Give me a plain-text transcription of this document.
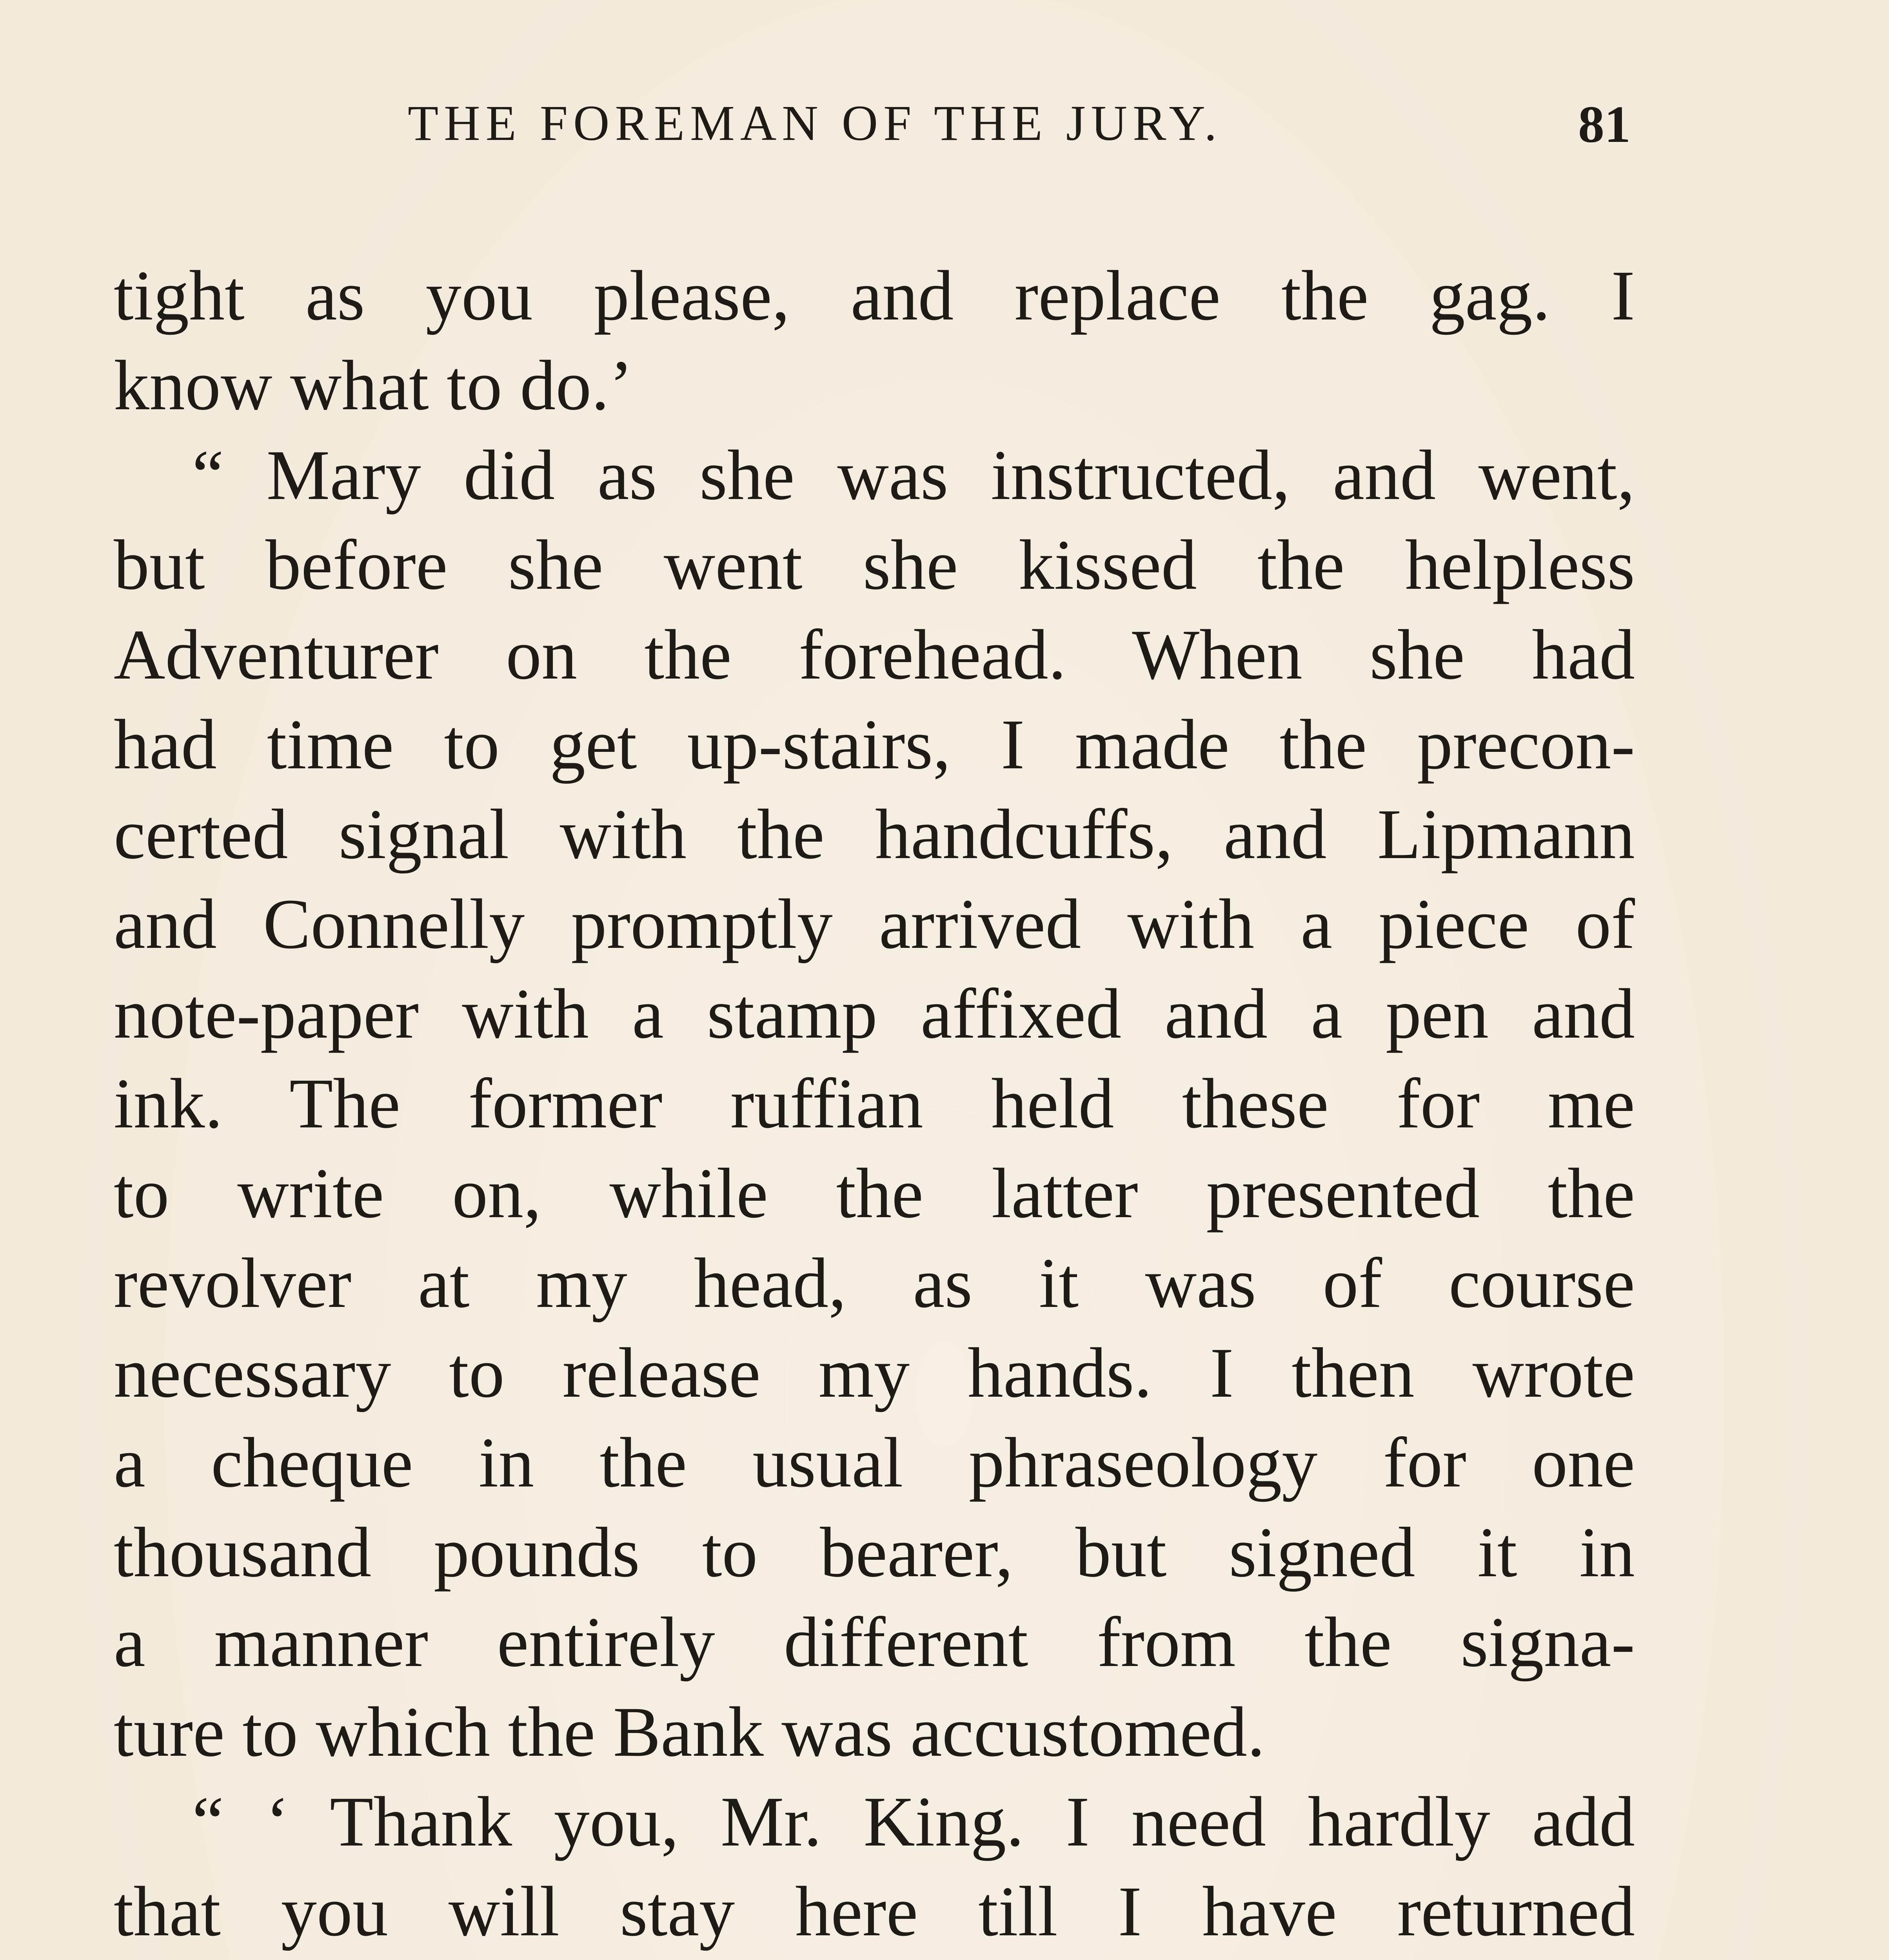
THE FOREMAN OF THE JURY.	81
tight as you please, and replace the gag. I
know what to do.’
“ Mary did as she was instructed, and went,
but before she went she kissed the helpless
Adventurer on the forehead. When she had
had time to get up-stairs, I made the precon-
certed signal with the handcuffs, and Lipmann
and Connelly promptly arrived with a piece of
note-paper with a stamp affixed and a pen and
ink. The former ruffian held these for me
to write on, while the latter presented the
revolver at my head, as it was of course
necessary to release my hands. I then wrote
a cheque in the usual phraseology for one
thousand pounds to bearer, but signed it in
a manner entirely different from the signa-
ture to which the Bank was accustomed.
“ ‘ Thank you, Mr. King. I need hardly add
that you will stay here till I have returned
